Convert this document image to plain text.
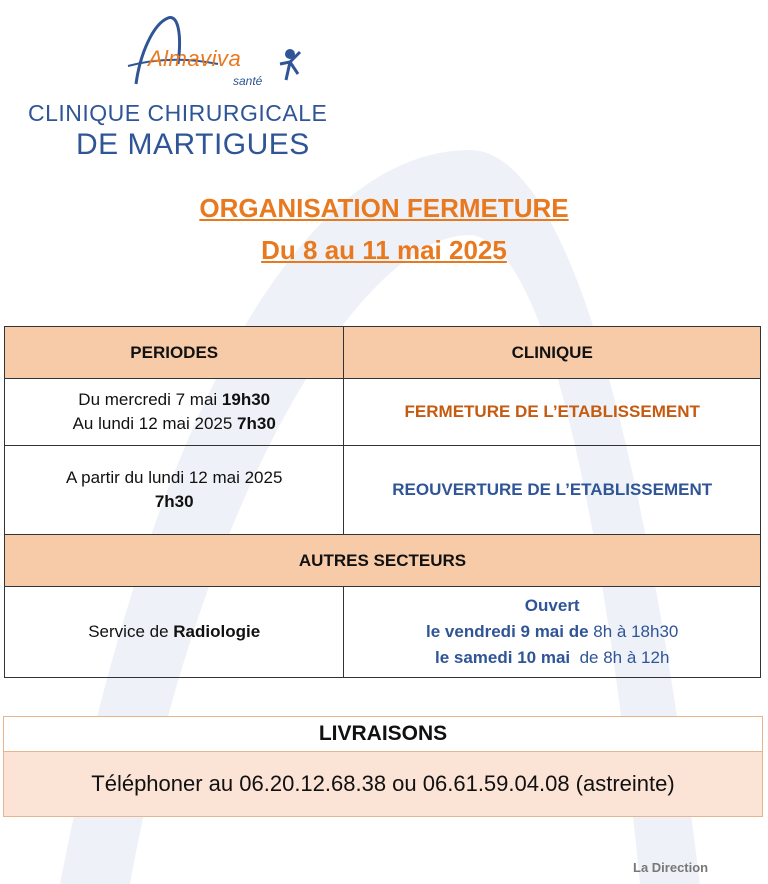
Almaviva
santé
CLINIQUE CHIRURGICALE
DE MARTIGUES
ORGANISATION FERMETURE
Du 8 au 11 mai 2025
PERIODES	CLINIQUE

Du mercredi 7 mai 19h30
Au lundi 12 mai 2025 7h30	FERMETURE DE L’ETABLISSEMENT

A partir du lundi 12 mai 2025
7h30	REOUVERTURE DE L’ETABLISSEMENT
AUTRES SECTEURS	
Service de Radiologie	Ouvert
le vendredi 9 mai de 8h à 18h30
le samedi 10 mai  de 8h à 12h
LIVRAISONS
Téléphoner au 06.20.12.68.38 ou 06.61.59.04.08 (astreinte)
La Direction
